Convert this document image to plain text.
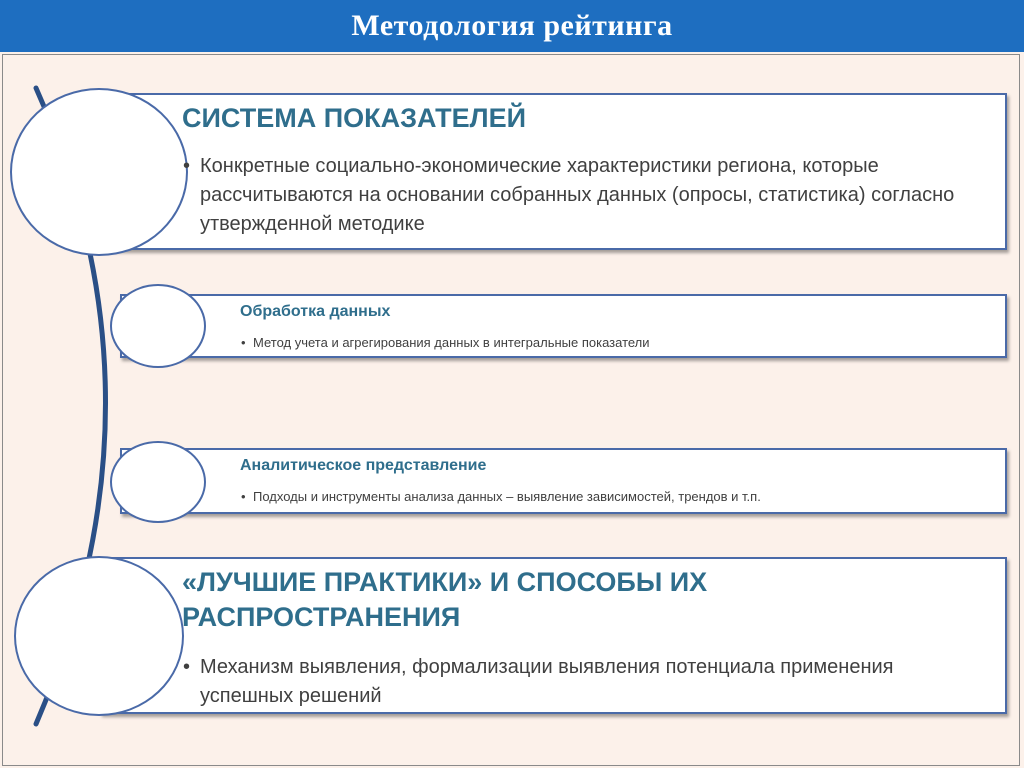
Методология рейтинга
СИСТЕМА ПОКАЗАТЕЛЕЙ
• Конкретные социально-экономические характеристики региона, которые рассчитываются на основании собранных данных (опросы, статистика) согласно утвержденной методике
Обработка данных
• Метод учета и агрегирования данных в интегральные показатели
Аналитическое представление
• Подходы и инструменты анализа данных – выявление зависимостей, трендов и т.п.
«ЛУЧШИЕ ПРАКТИКИ» И СПОСОБЫ ИХ РАСПРОСТРАНЕНИЯ
• Механизм выявления, формализации выявления потенциала применения успешных решений
